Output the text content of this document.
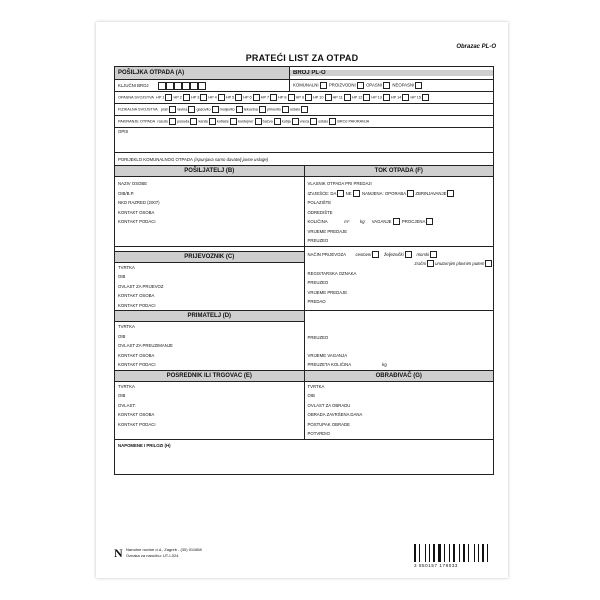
Obrazac PL-O
PRATEĆI LIST ZA OTPAD
POŠILJKA OTPADA (A)	BROJ PL-O
KLJUČNI BROJ
	KOMUNALNI PROIZVODNI OPASNI NEOPASNI
OPASNA SVOJSTVA HP 1 HP 2 HP 3 HP 4 HP 5 HP 6 HP 7 HP 8 HP 9 HP 10 HP 11 HP 12 HP 13 HP 14 HP 15
FIZIKALNA SVOJSTVA prah lavina gasovito muljevito tekućina plinovito ostalo
PAKIRANJE OTPADA rasuto posuda kanta kotlače kontejner bačva kutija vreća ostalo BROJ PAKIRANJA
OPIS
PORIJEKLO KOMUNALNOG OTPADA (ispunjava samo davatelj javne usluge)
POŠILJATELJ (B)
NAZIV OSOBE
OIB/B.P.
NKD RAZRED (2007)
KONTAKT OSOBA
KONTAKT PODACI
TOK OTPADA (F)
VLASNIK OTPADA PRI PREDAJI
IZVJEŠĆE: DA NE NAMJENA: OPORABA ZBRINJAVANJE
POLAZIŠTE
ODREDIŠTE
KOLIČINA	m³	kg VAGANJE PROCJENA
VRIJEME PREDAJE
PREUZEO
PRIJEVOZNIK (C)
TVRTKA
OIB
OVLAST ZA PRIJEVOZ
KONTAKT OSOBA
KONTAKT PODACI
NAČIN PRIJEVOZA cestovni	željeznički	morski
zračni unutarnjim plovnim putem
REGISTARSKA OZNAKA
PREUZEO
VRIJEME PREDAJE
PREDAO
PRIMATELJ (D)
TVRTKA
OIB
OVLAST ZA PREUZIMANJE
KONTAKT OSOBA
KONTAKT PODACI
PREUZEO
VRIJEME VAGANJA
PREUZETA KOLIČINA	kg
POSREDNIK ILI TRGOVAC (E)
TVRTKA
OIB
OVLAST:
KONTAKT OSOBA
KONTAKT PODACI
OBRAĐIVAČ (G)
TVRTKA
OIB
OVLAST ZA OBRADU
OBRADA ZAVRŠENA DANA
POSTUPAK OBRADE
POTVRDIO
NAPOMENE I PRILOZI (H)
N Narodne novine d.d., Zagreb - (30) 011658
Oznaka za naručbu: UT-I-024
3 850157 178033
